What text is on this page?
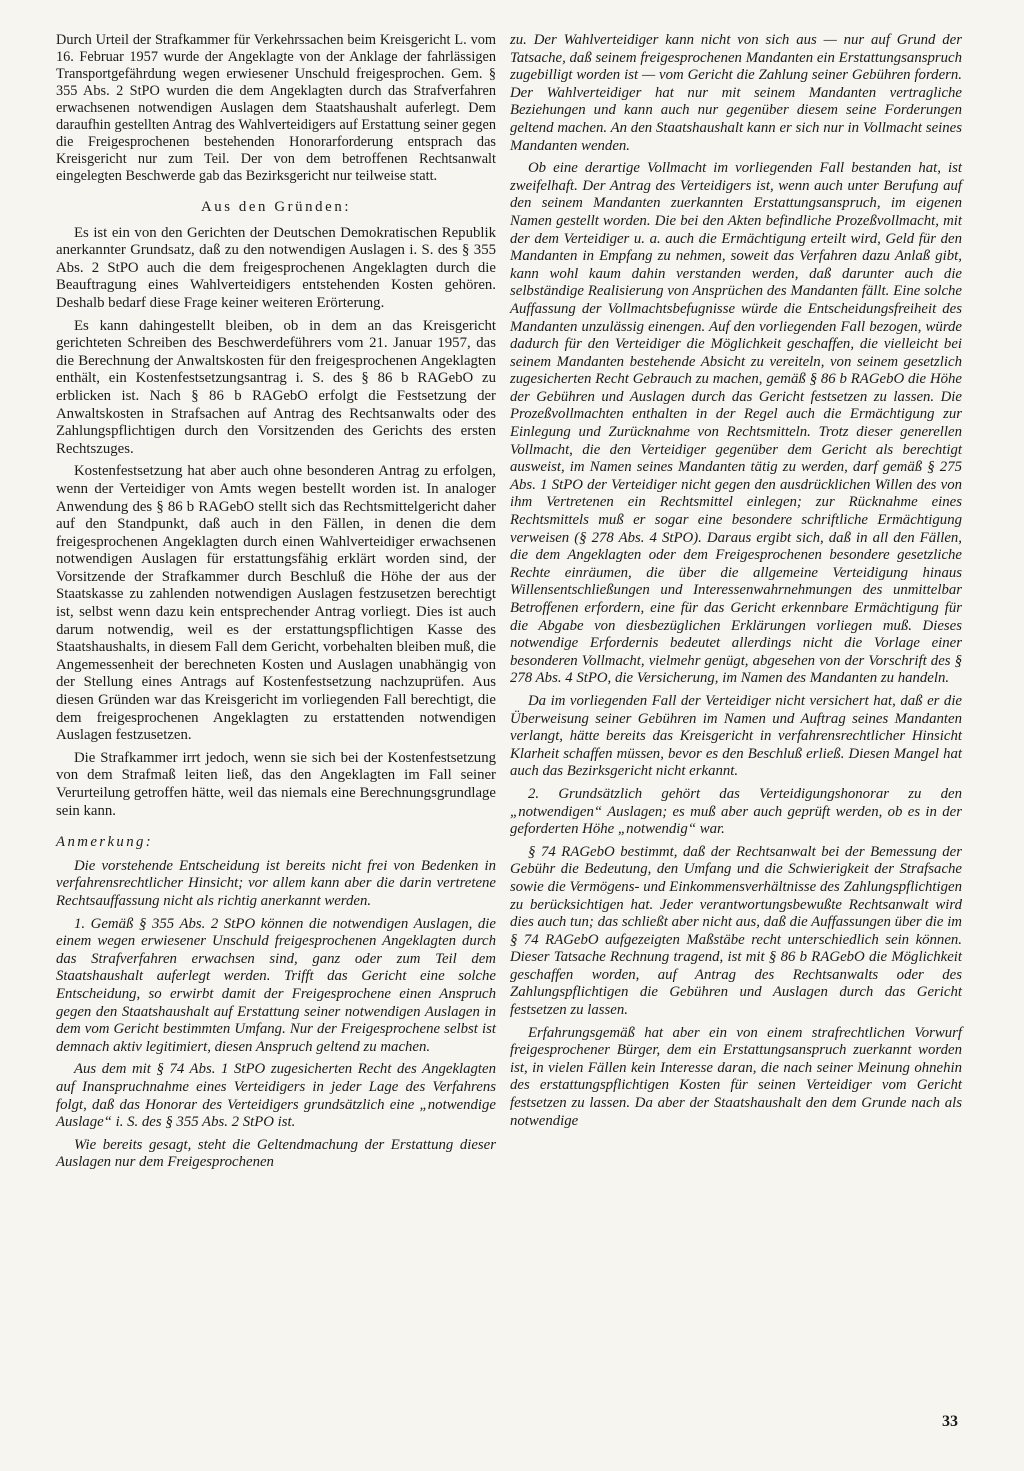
Durch Urteil der Strafkammer für Verkehrssachen beim Kreisgericht L. vom 16. Februar 1957 wurde der Angeklagte von der Anklage der fahrlässigen Transportgefährdung wegen erwiesener Unschuld freigesprochen. Gem. § 355 Abs. 2 StPO wurden die dem Angeklagten durch das Strafverfahren erwachsenen notwendigen Auslagen dem Staatshaushalt auferlegt. Dem daraufhin gestellten Antrag des Wahlverteidigers auf Erstattung seiner gegen die Freigesprochenen bestehenden Honorarforderung entsprach das Kreisgericht nur zum Teil. Der von dem betroffenen Rechtsanwalt eingelegten Beschwerde gab das Bezirksgericht nur teilweise statt.

Aus den Gründen:

Es ist ein von den Gerichten der Deutschen Demokratischen Republik anerkannter Grundsatz, daß zu den notwendigen Auslagen i. S. des § 355 Abs. 2 StPO auch die dem freigesprochenen Angeklagten durch die Beauftragung eines Wahlverteidigers entstehenden Kosten gehören. Deshalb bedarf diese Frage keiner weiteren Erörterung.

Es kann dahingestellt bleiben, ob in dem an das Kreisgericht gerichteten Schreiben des Beschwerdeführers vom 21. Januar 1957, das die Berechnung der Anwaltskosten für den freigesprochenen Angeklagten enthält, ein Kostenfestsetzungsantrag i. S. des § 86 b RAGebO zu erblicken ist. Nach § 86 b RAGebO erfolgt die Festsetzung der Anwaltskosten in Strafsachen auf Antrag des Rechtsanwalts oder des Zahlungspflichtigen durch den Vorsitzenden des Gerichts des ersten Rechtszuges.

Kostenfestsetzung hat aber auch ohne besonderen Antrag zu erfolgen, wenn der Verteidiger von Amts wegen bestellt worden ist. In analoger Anwendung des § 86 b RAGebO stellt sich das Rechtsmittelgericht daher auf den Standpunkt, daß auch in den Fällen, in denen die dem freigesprochenen Angeklagten durch einen Wahlverteidiger erwachsenen notwendigen Auslagen für erstattungsfähig erklärt worden sind, der Vorsitzende der Strafkammer durch Beschluß die Höhe der aus der Staatskasse zu zahlenden notwendigen Auslagen festzusetzen berechtigt ist, selbst wenn dazu kein entsprechender Antrag vorliegt. Dies ist auch darum notwendig, weil es der erstattungspflichtigen Kasse des Staatshaushalts, in diesem Fall dem Gericht, vorbehalten bleiben muß, die Angemessenheit der berechneten Kosten und Auslagen unabhängig von der Stellung eines Antrags auf Kostenfestsetzung nachzuprüfen. Aus diesen Gründen war das Kreisgericht im vorliegenden Fall berechtigt, die dem freigesprochenen Angeklagten zu erstattenden notwendigen Auslagen festzusetzen.

Die Strafkammer irrt jedoch, wenn sie sich bei der Kostenfestsetzung von dem Strafmaß leiten ließ, das den Angeklagten im Fall seiner Verurteilung getroffen hätte, weil das niemals eine Berechnungsgrundlage sein kann.

Anmerkung:

Die vorstehende Entscheidung ist bereits nicht frei von Bedenken in verfahrensrechtlicher Hinsicht; vor allem kann aber die darin vertretene Rechtsauffassung nicht als richtig anerkannt werden.

1. Gemäß § 355 Abs. 2 StPO können die notwendigen Auslagen, die einem wegen erwiesener Unschuld freigesprochenen Angeklagten durch das Strafverfahren erwachsen sind, ganz oder zum Teil dem Staatshaushalt auferlegt werden. Trifft das Gericht eine solche Entscheidung, so erwirbt damit der Freigesprochene einen Anspruch gegen den Staatshaushalt auf Erstattung seiner notwendigen Auslagen in dem vom Gericht bestimmten Umfang. Nur der Freigesprochene selbst ist demnach aktiv legitimiert, diesen Anspruch geltend zu machen.

Aus dem mit § 74 Abs. 1 StPO zugesicherten Recht des Angeklagten auf Inanspruchnahme eines Verteidigers in jeder Lage des Verfahrens folgt, daß das Honorar des Verteidigers grundsätzlich eine „notwendige Auslage“ i. S. des § 355 Abs. 2 StPO ist.

Wie bereits gesagt, steht die Geltendmachung der Erstattung dieser Auslagen nur dem Freigesprochenen

zu. Der Wahlverteidiger kann nicht von sich aus — nur auf Grund der Tatsache, daß seinem freigesprochenen Mandanten ein Erstattungsanspruch zugebilligt worden ist — vom Gericht die Zahlung seiner Gebühren fordern. Der Wahlverteidiger hat nur mit seinem Mandanten vertragliche Beziehungen und kann auch nur gegenüber diesem seine Forderungen geltend machen. An den Staatshaushalt kann er sich nur in Vollmacht seines Mandanten wenden.

Ob eine derartige Vollmacht im vorliegenden Fall bestanden hat, ist zweifelhaft. Der Antrag des Verteidigers ist, wenn auch unter Berufung auf den seinem Mandanten zuerkannten Erstattungsanspruch, im eigenen Namen gestellt worden. Die bei den Akten befindliche Prozeßvollmacht, mit der dem Verteidiger u. a. auch die Ermächtigung erteilt wird, Geld für den Mandanten in Empfang zu nehmen, soweit das Verfahren dazu Anlaß gibt, kann wohl kaum dahin verstanden werden, daß darunter auch die selbständige Realisierung von Ansprüchen des Mandanten fällt. Eine solche Auffassung der Vollmachtsbefugnisse würde die Entscheidungsfreiheit des Mandanten unzulässig einengen. Auf den vorliegenden Fall bezogen, würde dadurch für den Verteidiger die Möglichkeit geschaffen, die vielleicht bei seinem Mandanten bestehende Absicht zu vereiteln, von seinem gesetzlich zugesicherten Recht Gebrauch zu machen, gemäß § 86 b RAGebO die Höhe der Gebühren und Auslagen durch das Gericht festsetzen zu lassen. Die Prozeßvollmachten enthalten in der Regel auch die Ermächtigung zur Einlegung und Zurücknahme von Rechtsmitteln. Trotz dieser generellen Vollmacht, die den Verteidiger gegenüber dem Gericht als berechtigt ausweist, im Namen seines Mandanten tätig zu werden, darf gemäß § 275 Abs. 1 StPO der Verteidiger nicht gegen den ausdrücklichen Willen des von ihm Vertretenen ein Rechtsmittel einlegen; zur Rücknahme eines Rechtsmittels muß er sogar eine besondere schriftliche Ermächtigung verweisen (§ 278 Abs. 4 StPO). Daraus ergibt sich, daß in all den Fällen, die dem Angeklagten oder dem Freigesprochenen besondere gesetzliche Rechte einräumen, die über die allgemeine Verteidigung hinaus Willensentschließungen und Interessenwahrnehmungen des unmittelbar Betroffenen erfordern, eine für das Gericht erkennbare Ermächtigung für die Abgabe von diesbezüglichen Erklärungen vorliegen muß. Dieses notwendige Erfordernis bedeutet allerdings nicht die Vorlage einer besonderen Vollmacht, vielmehr genügt, abgesehen von der Vorschrift des § 278 Abs. 4 StPO, die Versicherung, im Namen des Mandanten zu handeln.

Da im vorliegenden Fall der Verteidiger nicht versichert hat, daß er die Überweisung seiner Gebühren im Namen und Auftrag seines Mandanten verlangt, hätte bereits das Kreisgericht in verfahrensrechtlicher Hinsicht Klarheit schaffen müssen, bevor es den Beschluß erließ. Diesen Mangel hat auch das Bezirksgericht nicht erkannt.

2. Grundsätzlich gehört das Verteidigungshonorar zu den „notwendigen“ Auslagen; es muß aber auch geprüft werden, ob es in der geforderten Höhe „notwendig“ war.

§ 74 RAGebO bestimmt, daß der Rechtsanwalt bei der Bemessung der Gebühr die Bedeutung, den Umfang und die Schwierigkeit der Strafsache sowie die Vermögens- und Einkommensverhältnisse des Zahlungspflichtigen zu berücksichtigen hat. Jeder verantwortungsbewußte Rechtsanwalt wird dies auch tun; das schließt aber nicht aus, daß die Auffassungen über die im § 74 RAGebO aufgezeigten Maßstäbe recht unterschiedlich sein können. Dieser Tatsache Rechnung tragend, ist mit § 86 b RAGebO die Möglichkeit geschaffen worden, auf Antrag des Rechtsanwalts oder des Zahlungspflichtigen die Gebühren und Auslagen durch das Gericht festsetzen zu lassen.

Erfahrungsgemäß hat aber ein von einem strafrechtlichen Vorwurf freigesprochener Bürger, dem ein Erstattungsanspruch zuerkannt worden ist, in vielen Fällen kein Interesse daran, die nach seiner Meinung ohnehin des erstattungspflichtigen Kosten für seinen Verteidiger vom Gericht festsetzen zu lassen. Da aber der Staatshaushalt den dem Grunde nach als notwendige

33
